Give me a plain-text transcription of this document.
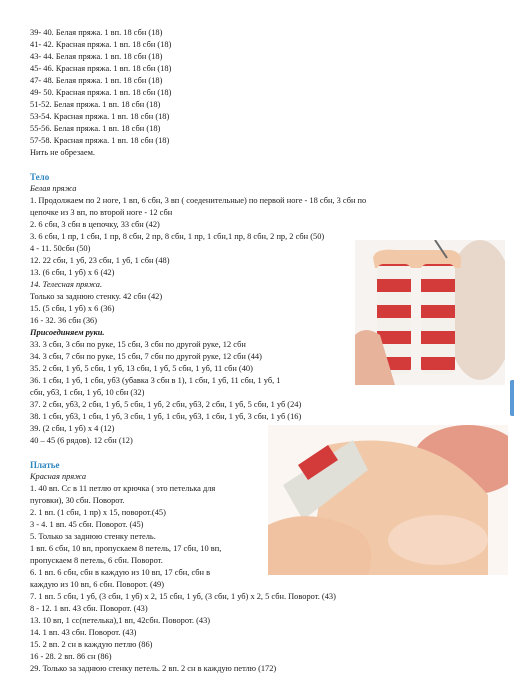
39- 40. Белая пряжа. 1 вп. 18 сбн (18)
41- 42. Красная пряжа. 1 вп. 18 сбн (18)
43- 44. Белая пряжа. 1 вп. 18 сбн (18)
45- 46. Красная пряжа. 1 вп. 18 сбн (18)
47- 48. Белая пряжа. 1 вп. 18 сбн (18)
49- 50. Красная пряжа. 1 вп. 18 сбн (18)
51-52. Белая пряжа. 1 вп. 18 сбн (18)
53-54. Красная пряжа. 1 вп. 18 сбн (18)
55-56. Белая пряжа. 1 вп. 18 сбн (18)
57-58. Красная пряжа. 1 вп. 18 сбн (18)
Нить не обрезаем.
Тело
Белая пряжа
1. Продолжаем по 2 ноге, 1 вп, 6 сбн, 3 вп ( соеденительные) по первой ноге - 18 сбн, 3 сбн по
цепочке из 3 вп, по второй ноге - 12 сбн
2. 6 сбн, 3 сбн в цепочку, 33 сбн (42)
3. 6 сбн, 1 пр, 1 сбн, 1 пр, 8 сбн, 2 пр, 8 сбн, 1 пр, 1 сбн,1 пр, 8 сбн, 2 пр, 2 сбн (50)
4 - 11. 50сбн (50)
12. 22 сбн, 1 уб, 23 сбн, 1 уб, 1 сбн (48)
13. (6 сбн, 1 уб) х 6 (42)
14. Телесная пряжа.
Только за заднюю стенку. 42 сбн (42)
15. (5 сбн, 1 уб) х 6 (36)
16 - 32. 36 сбн (36)
Присоединяем руки.
33. 3 сбн, 3 сбн по руке, 15 сбн, 3 сбн по другой руке, 12 сбн
34. 3 сбн, 7 сбн по руке, 15 сбн, 7 сбн по другой руке, 12 сбн (44)
35. 2 сбн, 1 уб, 5 сбн, 1 уб, 13 сбн, 1 уб, 5 сбн, 1 уб, 11 сбн (40)
36. 1 сбн, 1 уб, 1 сбн, уб3 (убавка 3 сбн в 1), 1 сбн, 1 уб, 11 сбн, 1 уб, 1
сбн, уб3, 1 сбн, 1 уб, 10 сбн (32)
37. 2 сбн, уб3, 2 сбн, 1 уб, 5 сбн, 1 уб, 2 сбн, уб3, 2 сбн, 1 уб, 5 сбн, 1 уб (24)
38. 1 сбн, уб3, 1 сбн, 1 уб, 3 сбн, 1 уб, 1 сбн, уб3, 1 сбн, 1 уб, 3 сбн, 1 уб (16)
39. (2 сбн, 1 уб) х 4 (12)
40 – 45 (6 рядов). 12 сбн (12)
Платье
Красная пряжа
1. 40 вп. Сс в 11 петлю от крючка ( это петелька для
пуговки), 30 сбн. Поворот.
2. 1 вп. (1 сбн, 1 пр) х 15, поворот.(45)
3 - 4. 1 вп. 45 сбн. Поворот. (45)
5. Только за заднюю стенку петель.
1 вп. 6 сбн, 10 вп, пропускаем 8 петель, 17 сбн, 10 вп,
пропускаем 8 петель, 6 сбн. Поворот.
6. 1 вп. 6 сбн, сбн в каждую из 10 вп, 17 сбн, сбн в
каждую из 10 вп, 6 сбн. Поворот. (49)
7. 1 вп. 5 сбн, 1 уб, (3 сбн, 1 уб) х 2, 15 сбн, 1 уб, (3 сбн, 1 уб) х 2, 5 сбн. Поворот. (43)
8 - 12. 1 вп. 43 сбн. Поворот. (43)
13. 10 вп, 1 сс(петелька),1 вп, 42сбн. Поворот. (43)
14. 1 вп. 43 сбн. Поворот. (43)
15. 2 вп. 2 сн в каждую петлю (86)
16 - 28. 2 вп. 86 сн (86)
29. Только за заднюю стенку петель. 2 вп. 2 сн в каждую петлю (172)
